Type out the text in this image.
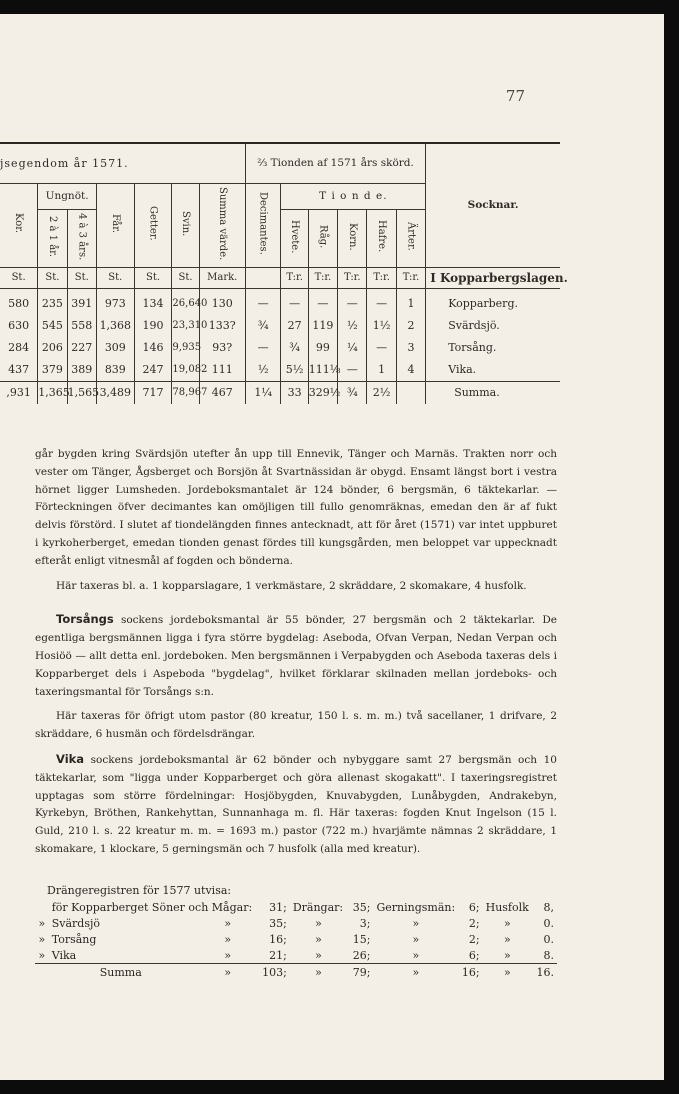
77
jsegendom år 1571.							⅔ Tionden af 1571 års skörd.						Socknar.
Kor.	Ungnöt.		Får.	Getter.	Svin.	Summa värde.	Decimantes.	T i o n d e.					
	2 à 1 år.	4 à 3 års.						Hvete.	Råg.	Korn.	Hafre.	Ärter.	
St.	St.	St.	St.	St.	St.	Mark.		T:r.	T:r.	T:r.	T:r.	T:r.	I Kopparbergslagen.
580	235	391	973	134	26,640	130	—	—	—	—	—	1	Kopparberg.
630	545	558	1,368	190	23,310	133?	¾	27	119	½	1½	2	Svärdsjö.
284	206	227	309	146	9,935	93?	—	¾	99	¼	—	3	Torsång.
437	379	389	839	247	19,082	111	½	5½	111⅛	—	1	4	Vika.
,931	1,365	1,565	3,489	717	78,967	467	1¼	33	329½	¾	2½		Summa.

går bygden kring Svärdsjön utefter ån upp till Ennevik, Tänger och Marnäs. Trakten norr och vester om Tänger, Ågsberget och Borsjön åt Svartnässidan är obygd. Ensamt längst bort i vestra hörnet ligger Lumsheden. Jordeboksmantalet är 124 bönder, 6 bergsmän, 6 täktekarlar. — Förteckningen öfver decimantes kan omöjligen till fullo genomräknas, emedan den är af fukt delvis förstörd. I slutet af tiondelängden finnes antecknadt, att för året (1571) var intet uppburet i kyrkoherberget, emedan tionden genast fördes till kungsgården, men beloppet var uppecknadt efteråt enligt vitnesmål af fogden och bönderna.

Här taxeras bl. a. 1 kopparslagare, 1 verkmästare, 2 skräddare, 2 skomakare, 4 husfolk.

Torsångs sockens jordeboksmantal är 55 bönder, 27 bergsmän och 2 täktekarlar. De egentliga bergsmännen ligga i fyra större bygdelag: Aseboda, Ofvan Verpan, Nedan Verpan och Hosiöö — allt detta enl. jordeboken. Men bergsmännen i Verpabygden och Aseboda taxeras dels i Kopparberget dels i Aspeboda "bygdelag", hvilket förklarar skilnaden mellan jordeboks- och taxeringsmantal för Torsångs s:n.

Här taxeras för öfrigt utom pastor (80 kreatur, 150 l. s. m. m.) två sacellaner, 1 drifvare, 2 skräddare, 6 husmän och fördelsdrängar.

Vika sockens jordeboksmantal är 62 bönder och nybyggare samt 27 bergsmän och 10 täktekarlar, som "ligga under Kopparberget och göra allenast skogakatt". I taxeringsregistret upptagas som större fördelningar: Hosjöbygden, Knuvabygden, Lunåbygden, Andrakebyn, Kyrkebyn, Bröthen, Rankehyttan, Sunnanhaga m. fl. Här taxeras: fogden Knut Ingelson (15 l. Guld, 210 l. s. 22 kreatur m. m. = 1693 m.) pastor (722 m.) hvarjämte nämnas 2 skräddare, 1 skomakare, 1 klockare, 5 gerningsmän och 7 husfolk (alla med kreatur).

Drängeregistren för 1577 utvisa:
	för Kopparberget Söner och Mågar:	31;	Drängar:	35;	Gerningsmän:	6;	Husfolk	8,
»	Svärdsjö »	35;	»	3;	»	2;	»	0.
»	Torsång »	16;	»	15;	»	2;	»	0.
»	Vika »	21;	»	26;	»	6;	»	8.
	Summa »	103;	»	79;	»	16;	»	16.
